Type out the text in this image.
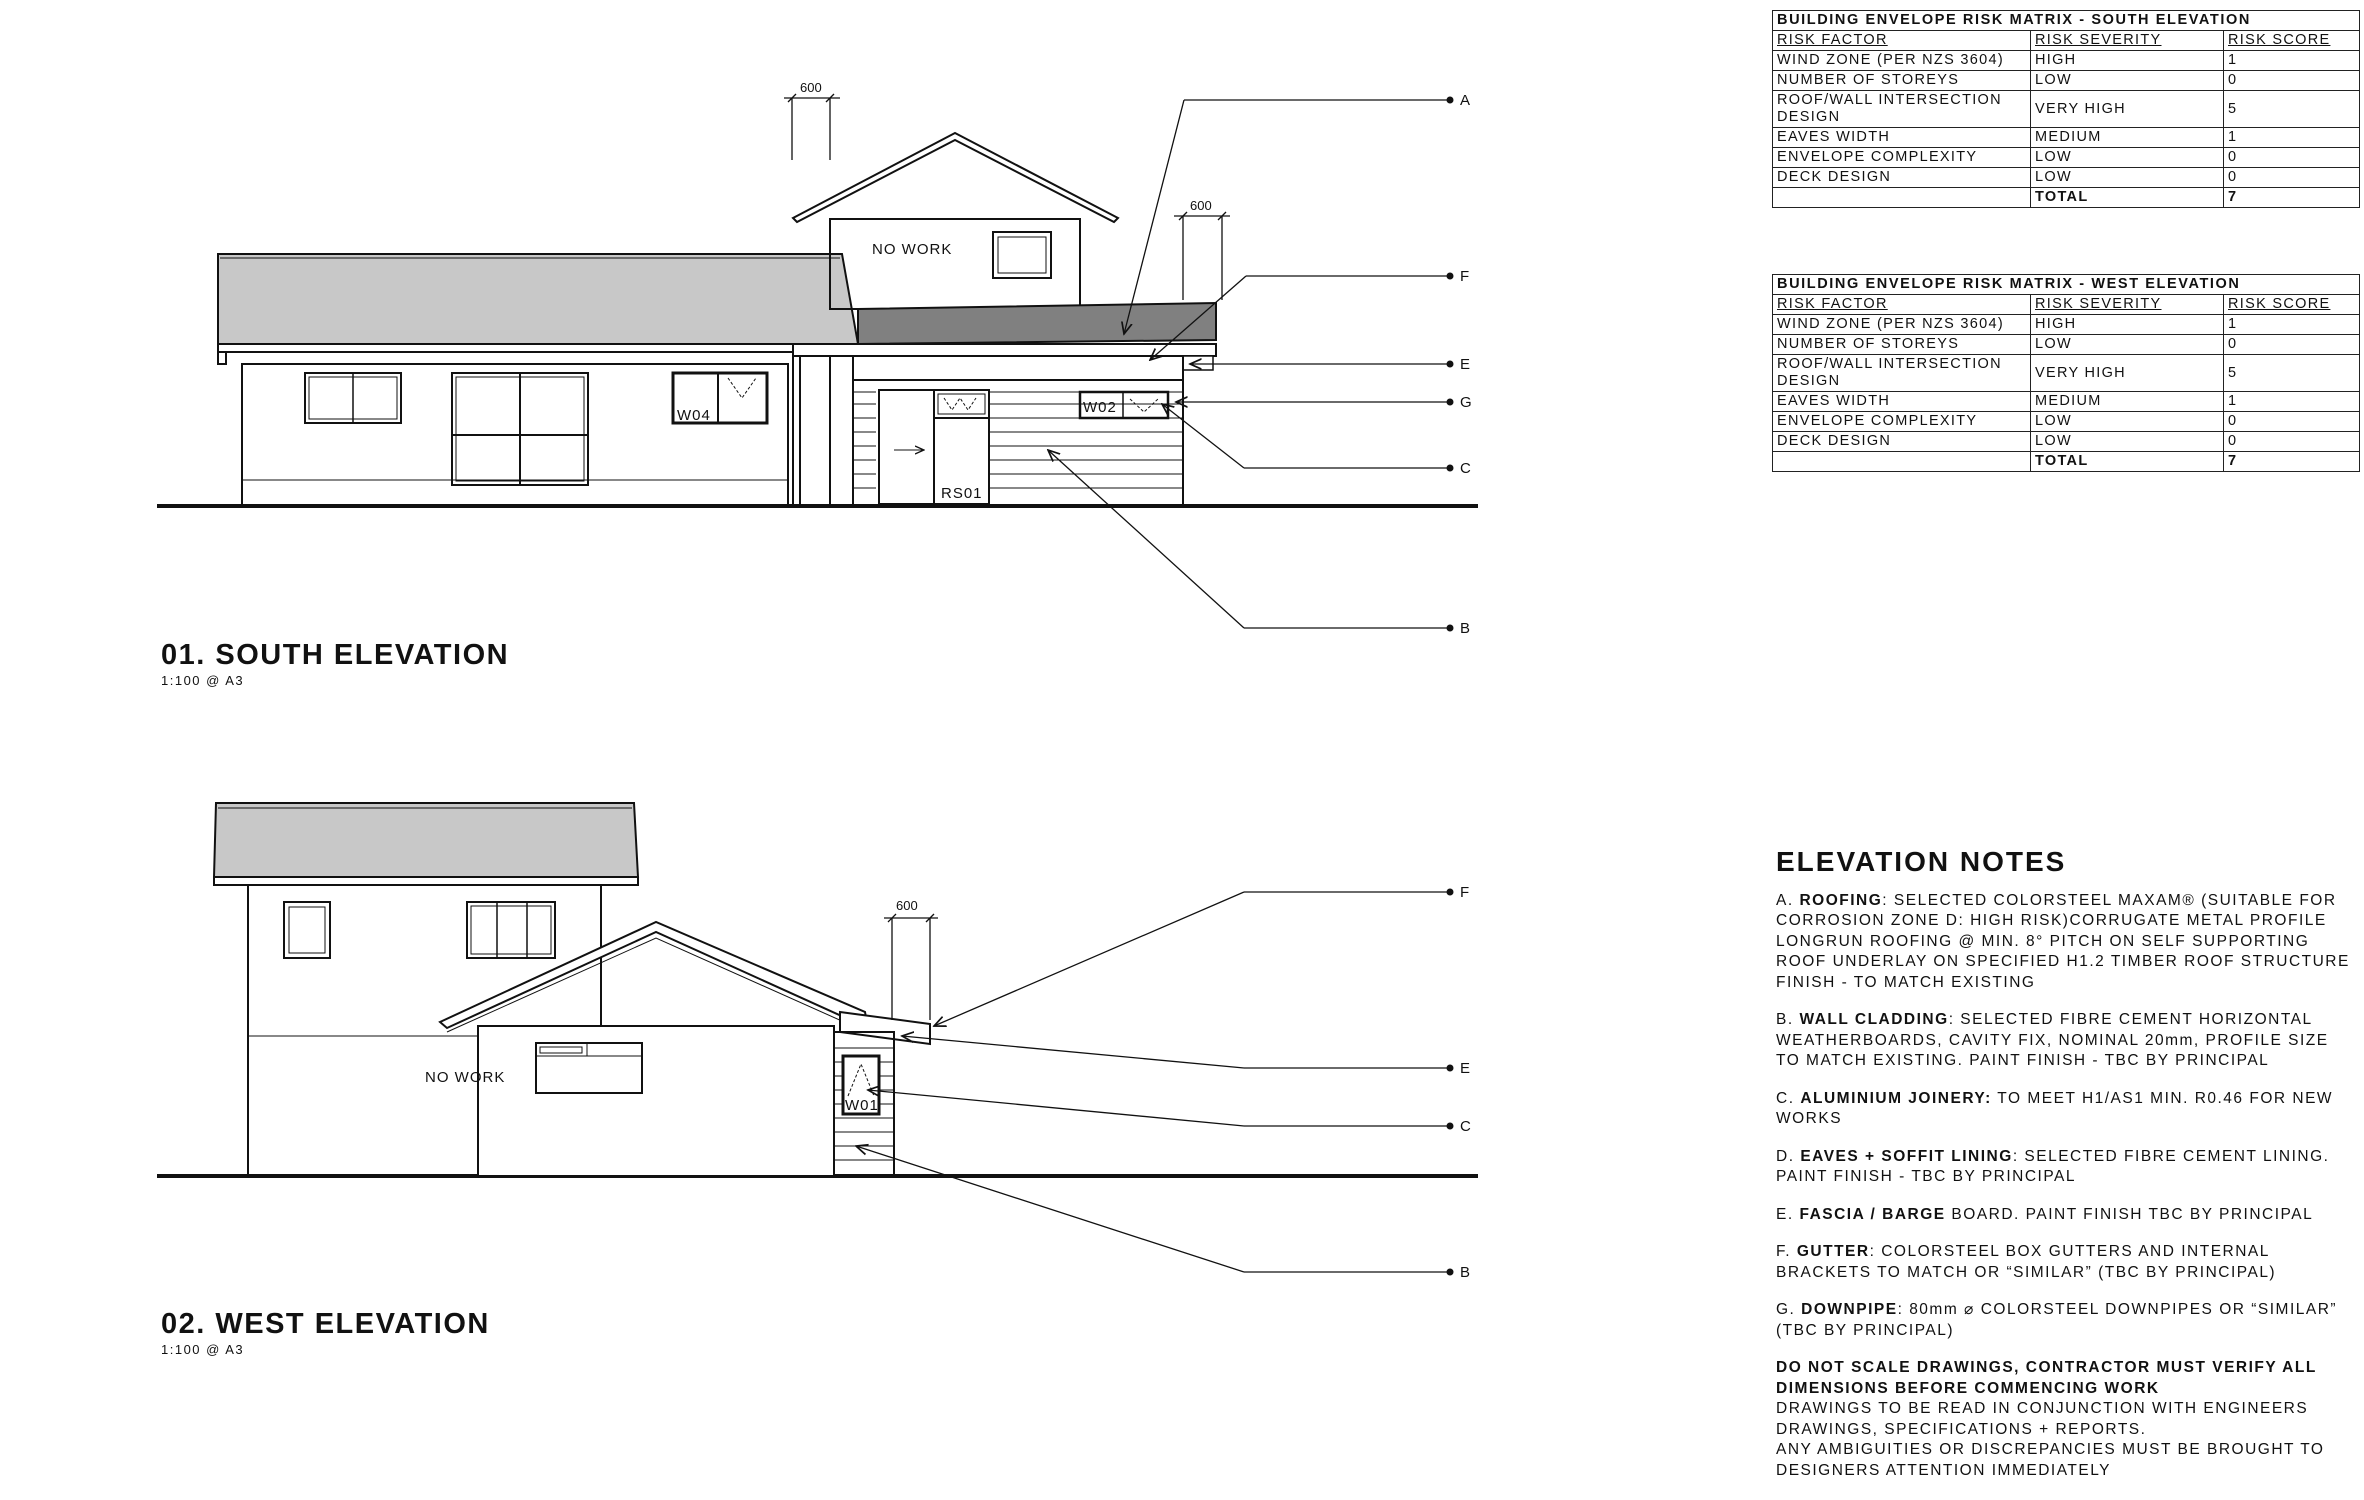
NO WORK
W04	W02
RS01
600
600
A
F
E
G
C
B
01. SOUTH ELEVATION
1:100 @ A3
NO WORK
W01
600
F
E
C
B
02. WEST ELEVATION
1:100 @ A3
BUILDING ENVELOPE RISK MATRIX - SOUTH ELEVATION		
RISK FACTOR	RISK SEVERITY	RISK SCORE
WIND ZONE (PER NZS 3604)	HIGH	1
NUMBER OF STOREYS	LOW	0
ROOF/WALL INTERSECTION DESIGN	VERY HIGH	5
EAVES WIDTH	MEDIUM	1
ENVELOPE COMPLEXITY	LOW	0
DECK DESIGN	LOW	0
	TOTAL	7
BUILDING ENVELOPE RISK MATRIX - WEST ELEVATION		
RISK FACTOR	RISK SEVERITY	RISK SCORE
WIND ZONE (PER NZS 3604)	HIGH	1
NUMBER OF STOREYS	LOW	0
ROOF/WALL INTERSECTION DESIGN	VERY HIGH	5
EAVES WIDTH	MEDIUM	1
ENVELOPE COMPLEXITY	LOW	0
DECK DESIGN	LOW	0
	TOTAL	7
ELEVATION NOTES

A. ROOFING: SELECTED COLORSTEEL MAXAM® (SUITABLE FOR CORROSION ZONE D: HIGH RISK)CORRUGATE METAL PROFILE LONGRUN ROOFING @ MIN. 8° PITCH ON SELF SUPPORTING ROOF UNDERLAY ON SPECIFIED H1.2 TIMBER ROOF STRUCTURE FINISH - TO MATCH EXISTING

B. WALL CLADDING: SELECTED FIBRE CEMENT HORIZONTAL WEATHERBOARDS, CAVITY FIX, NOMINAL 20mm, PROFILE SIZE TO MATCH EXISTING. PAINT FINISH - TBC BY PRINCIPAL

C. ALUMINIUM JOINERY: TO MEET H1/AS1 MIN. R0.46 FOR NEW WORKS

D. EAVES + SOFFIT LINING: SELECTED FIBRE CEMENT LINING. PAINT FINISH - TBC BY PRINCIPAL

E. FASCIA / BARGE BOARD. PAINT FINISH TBC BY PRINCIPAL

F. GUTTER: COLORSTEEL BOX GUTTERS AND INTERNAL BRACKETS TO MATCH OR “SIMILAR” (TBC BY PRINCIPAL)

G. DOWNPIPE: 80mm ⌀ COLORSTEEL DOWNPIPES OR “SIMILAR” (TBC BY PRINCIPAL)

DO NOT SCALE DRAWINGS, CONTRACTOR MUST VERIFY ALL DIMENSIONS BEFORE COMMENCING WORK
DRAWINGS TO BE READ IN CONJUNCTION WITH ENGINEERS DRAWINGS, SPECIFICATIONS + REPORTS.
ANY AMBIGUITIES OR DISCREPANCIES MUST BE BROUGHT TO DESIGNERS ATTENTION IMMEDIATELY
